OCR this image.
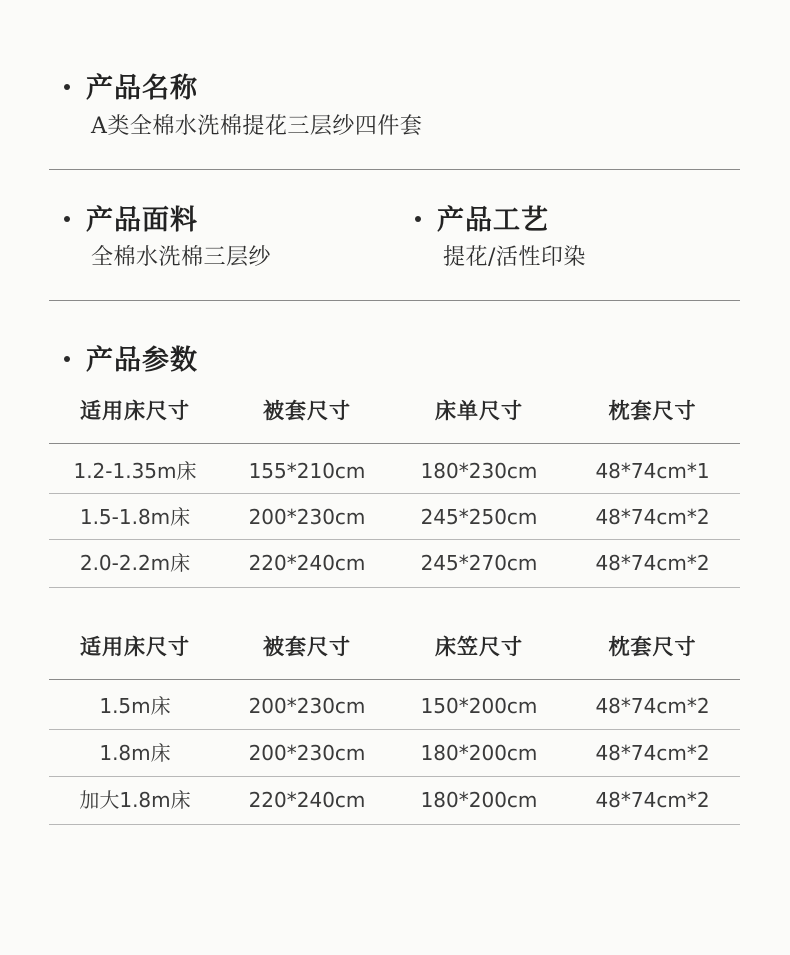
产品名称
A类全棉水洗棉提花三层纱四件套
产品面料
全棉水洗棉三层纱
产品工艺
提花/活性印染
产品参数
适用床尺寸	被套尺寸	床单尺寸	枕套尺寸
1.2-1.35m床	155*210cm	180*230cm	48*74cm*1
1.5-1.8m床	200*230cm	245*250cm	48*74cm*2
2.0-2.2m床	220*240cm	245*270cm	48*74cm*2
适用床尺寸	被套尺寸	床笠尺寸	枕套尺寸
1.5m床	200*230cm	150*200cm	48*74cm*2
1.8m床	200*230cm	180*200cm	48*74cm*2
加大1.8m床	220*240cm	180*200cm	48*74cm*2
